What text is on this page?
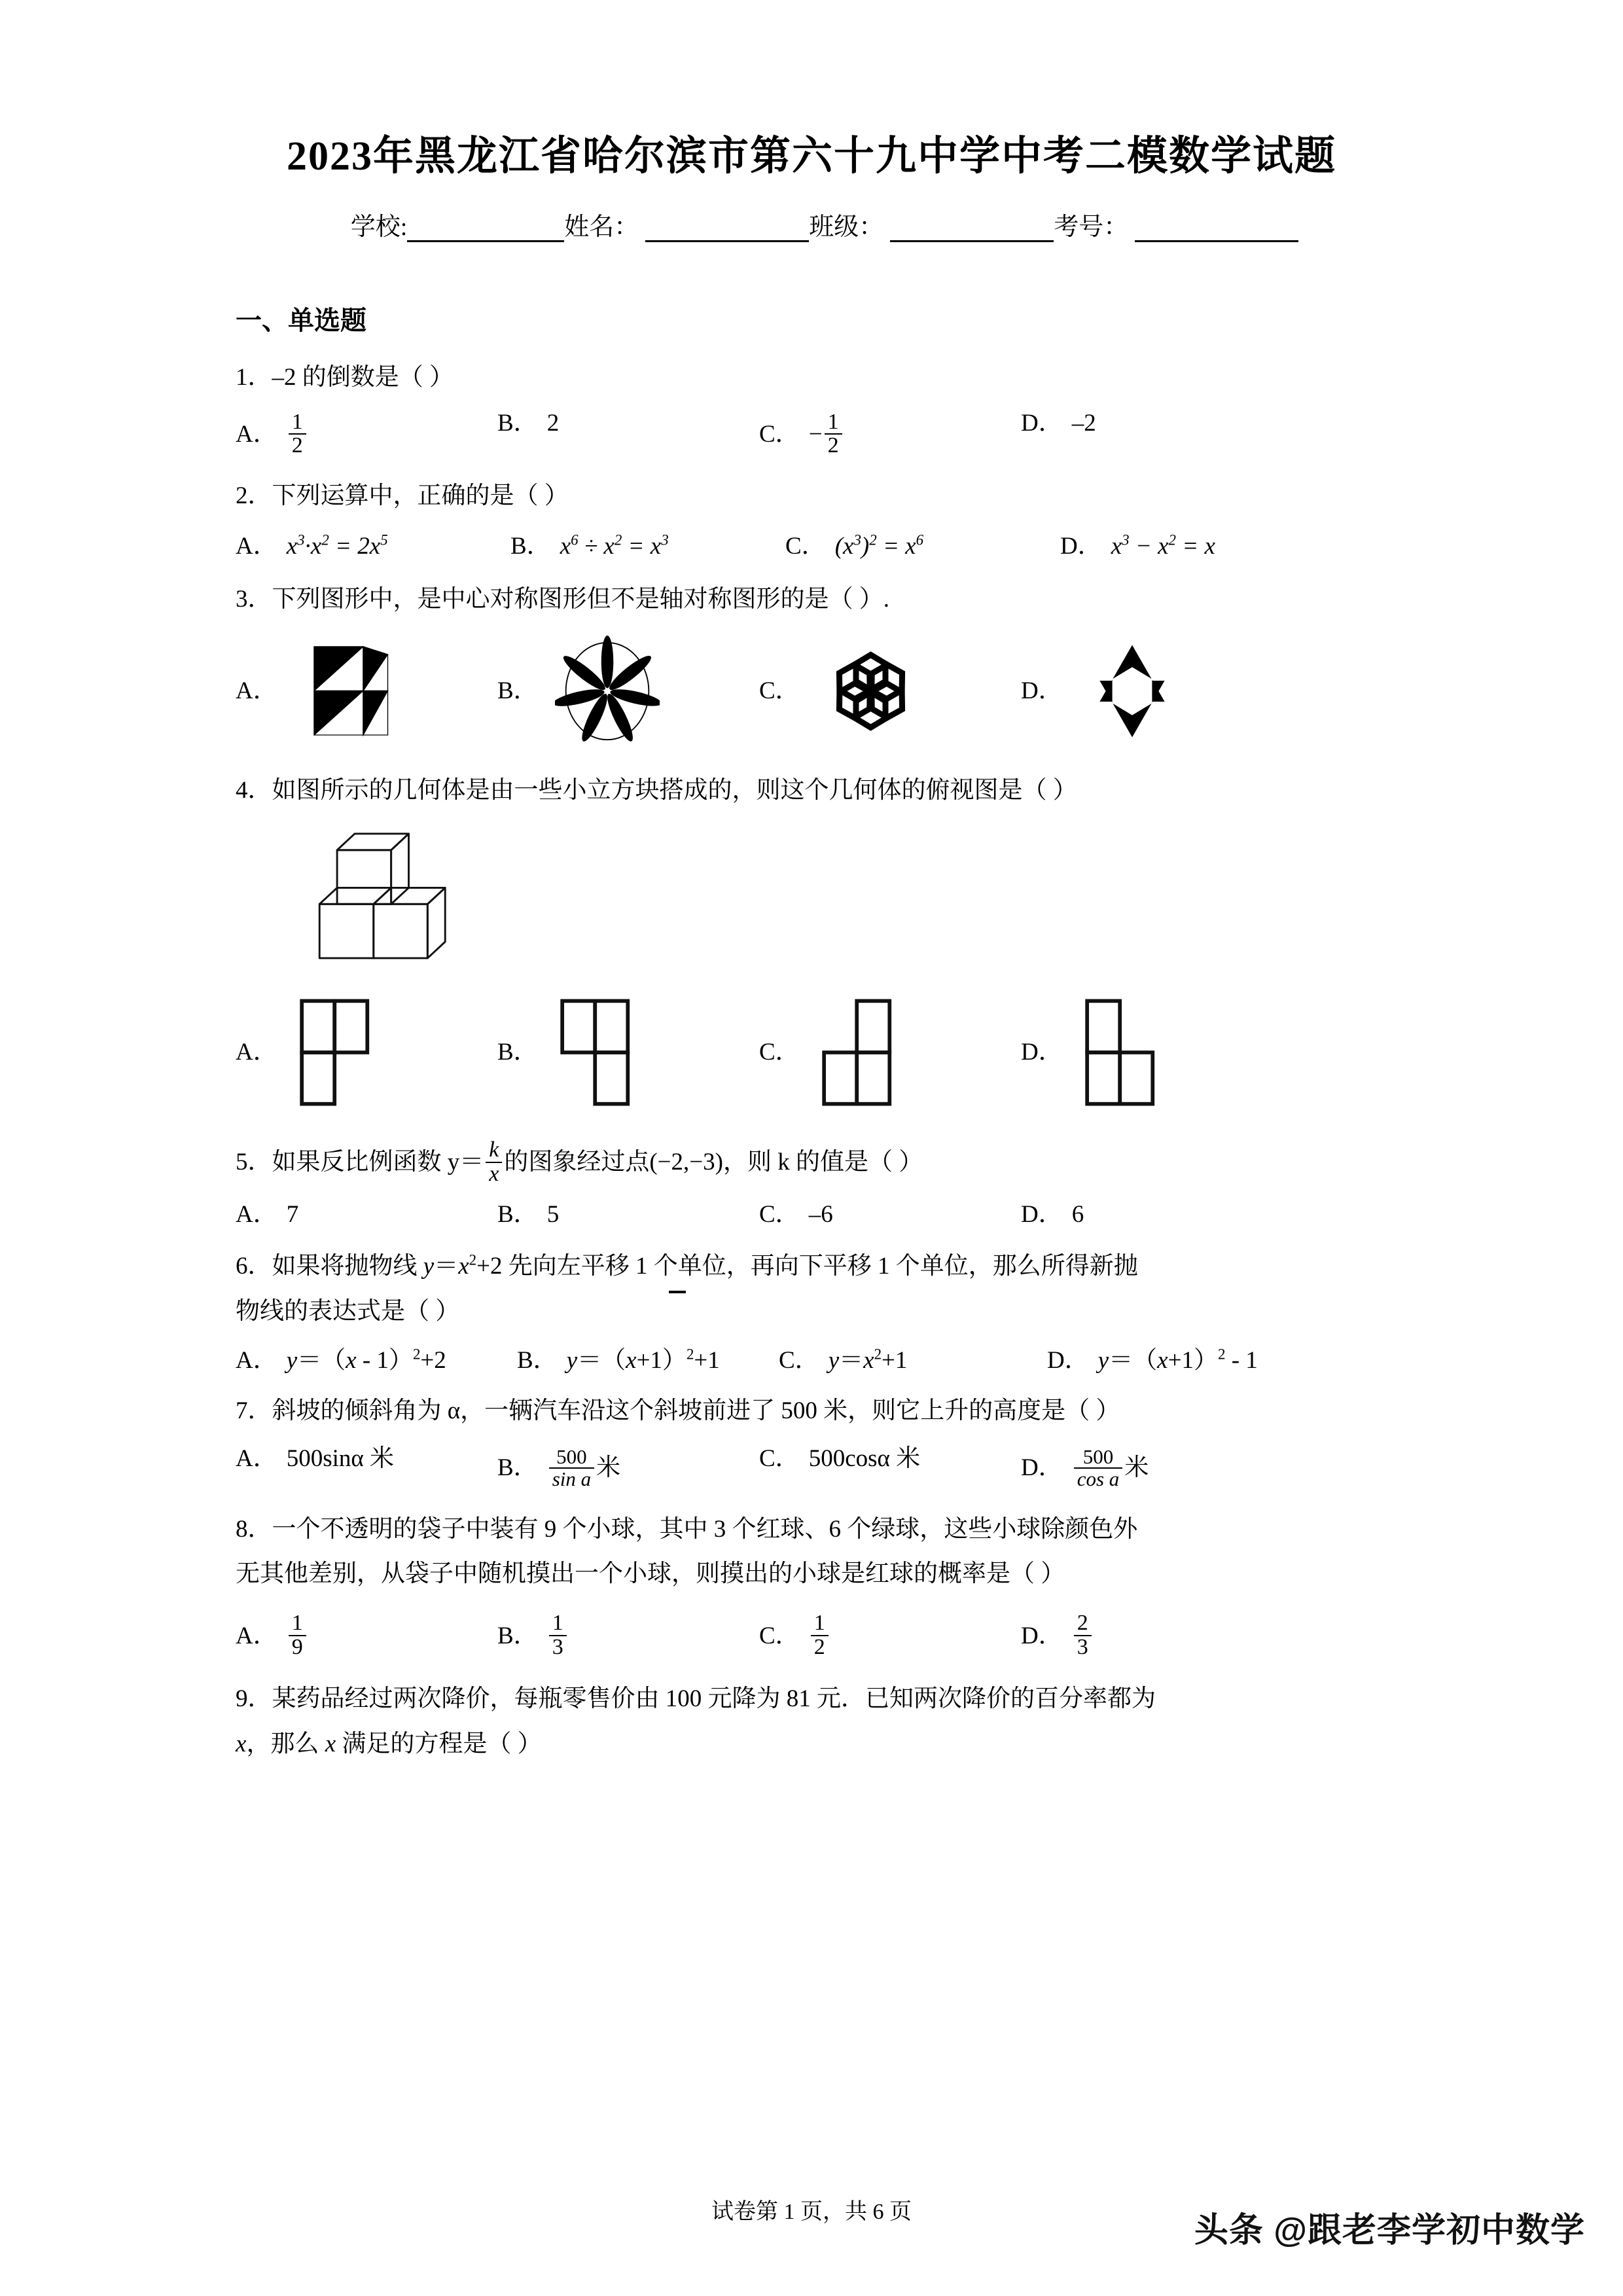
2023年黑龙江省哈尔滨市第六十九中学中考二模数学试题
学校:	姓名：	班级：	考号：
一、单选题
1．–2 的倒数是（ ）
A． $\frac{1}{2}$	B． 2	C． − $\frac{1}{2}$	D． –2
2．下列运算中，正确的是（ ）
A． $x^3\cdot x^2 = 2x^5$	B． $x^6 \div x^2 = x^3$	C． $(x^3)^2 = x^6$	D． $x^3 - x^2 = x$
3．下列图形中，是中心对称图形但不是轴对称图形的是（ ）.
A．	B．	C．	D．
4．如图所示的几何体是由一些小立方块搭成的，则这个几何体的俯视图是（ ）
A．	B．	C．	D．
5．如果反比例函数 $y= \frac{k}{x}$ 的图象经过点(−2,−3)，则 k 的值是（ ）
A． 7	B． 5	C． –6	D． 6
6．如果将抛物线 $y=x^2+2$ 先向左平移 1 个单位，再向下平移 1 个单位，那么所得新抛
物线的表达式是（ ）
A． y＝（x - 1）$^2$+2	B． $y=(x+1)^2+1$ C． $y=x^2+1$	D． $y=(x+1)^2 - 1$
7．斜坡的倾斜角为 α，一辆汽车沿这个斜坡前进了 500 米，则它上升的高度是（ ）
A． 500sinα 米	B． $\frac{500}{\text{sin a}}$ 米	C． 500cosα 米	D． $\frac{500}{\text{cos a}}$ 米
8．一个不透明的袋子中装有 9 个小球，其中 3 个红球、6 个绿球，这些小球除颜色外
无其他差别，从袋子中随机摸出一个小球，则摸出的小球是红球的概率是（ ）
A． $\frac{1}{9}$	B． $\frac{1}{3}$	C． $\frac{1}{2}$	D． $\frac{2}{3}$
9．某药品经过两次降价，每瓶零售价由 100 元降为 81 元．已知两次降价的百分率都为
x，那么 x 满足的方程是（ ）
试卷第 1 页，共 6 页	头条 @跟老李学初中数学
